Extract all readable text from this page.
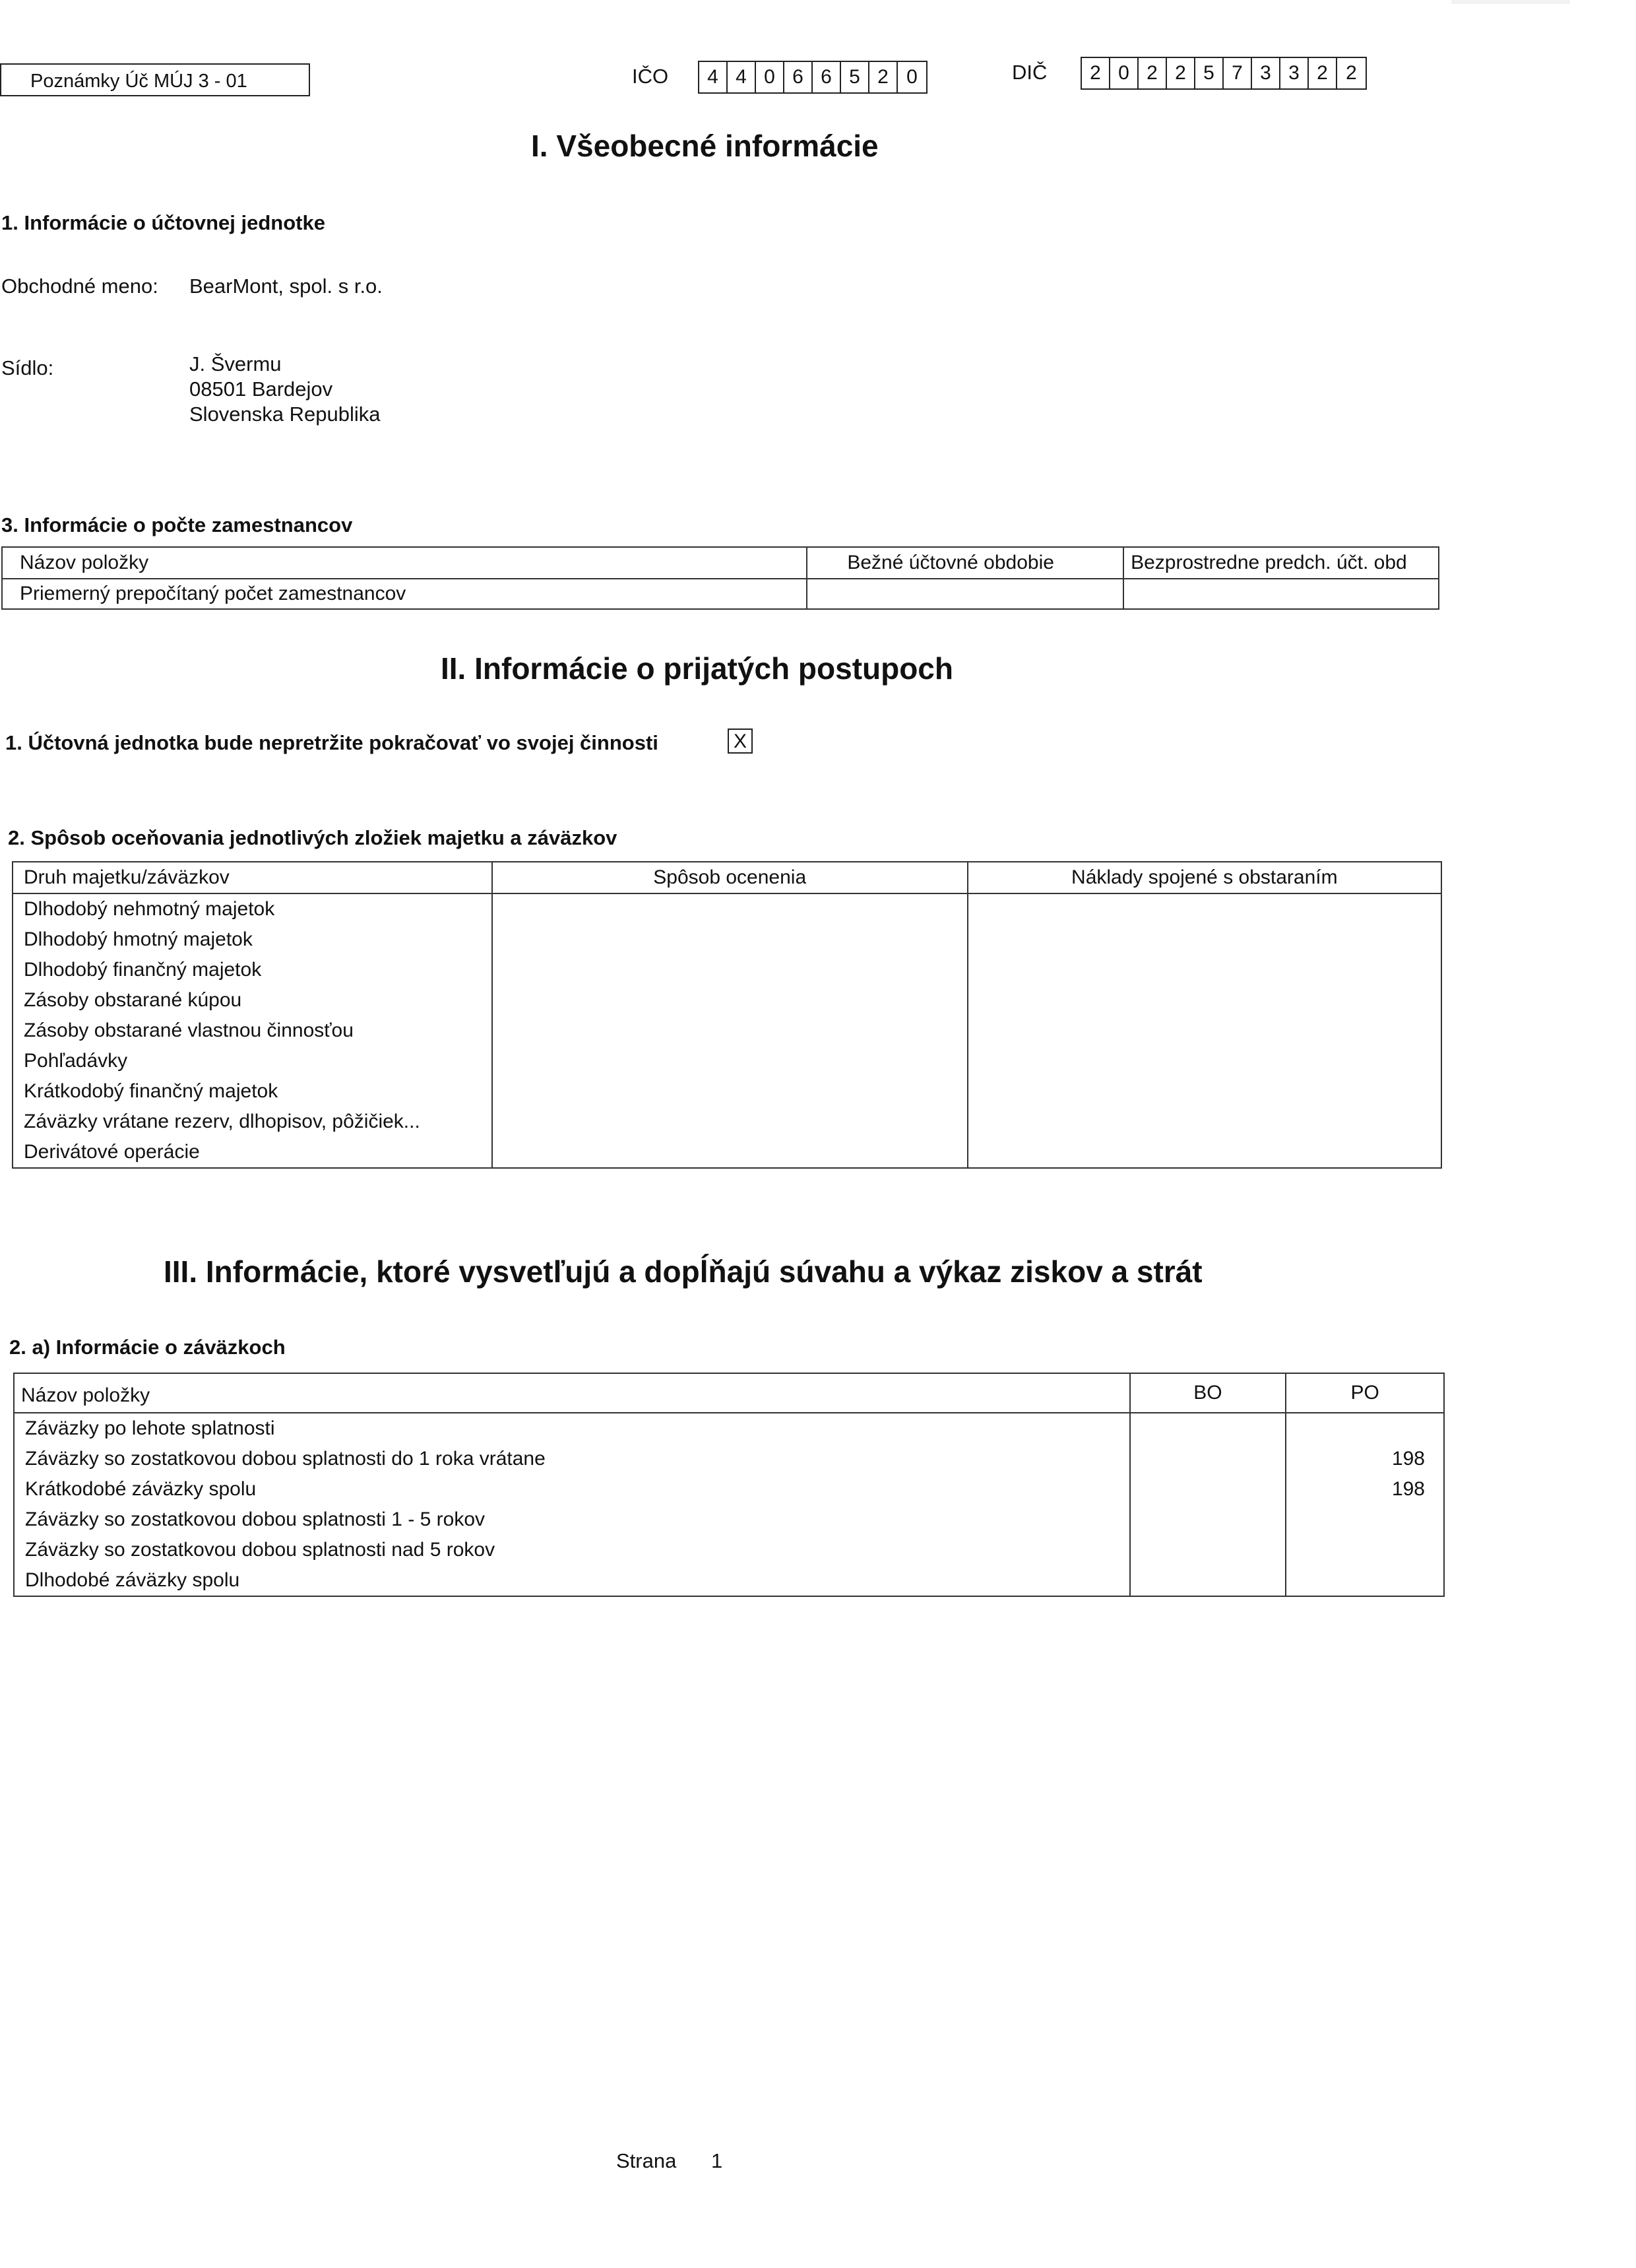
Poznámky Úč MÚJ 3 - 01	IČO	4 4 0 6 6 5 2 0	DIČ	2 0 2 2 5 7 3 3 2 2
I. Všeobecné informácie
1. Informácie o účtovnej jednotke
Obchodné meno: BearMont, spol. s r.o.
Sídlo:	J. Švermu
08501 Bardejov
Slovenska Republika
3. Informácie o počte zamestnancov
Názov položky	Bežné účtovné obdobie	Bezprostredne predch. účt. obd
Priemerný prepočítaný počet zamestnancov		
II. Informácie o prijatých postupoch
1. Účtovná jednotka bude nepretržite pokračovať vo svojej činnosti	X
2. Spôsob oceňovania jednotlivých zložiek majetku a záväzkov
Druh majetku/záväzkov	Spôsob ocenenia	Náklady spojené s obstaraním
Dlhodobý nehmotný majetok		
Dlhodobý hmotný majetok		
Dlhodobý finančný majetok		
Zásoby obstarané kúpou		
Zásoby obstarané vlastnou činnosťou		
Pohľadávky		
Krátkodobý finančný majetok		
Záväzky vrátane rezerv, dlhopisov, pôžičiek...		
Derivátové operácie		
III. Informácie, ktoré vysvetľujú a dopĺňajú súvahu a výkaz ziskov a strát
2. a) Informácie o záväzkoch
Názov položky	BO	PO
Záväzky po lehote splatnosti		
Záväzky so zostatkovou dobou splatnosti do 1 roka vrátane		198
Krátkodobé záväzky spolu		198
Záväzky so zostatkovou dobou splatnosti 1 - 5 rokov		
Záväzky so zostatkovou dobou splatnosti nad 5 rokov		
Dlhodobé záväzky spolu		
Strana 1
